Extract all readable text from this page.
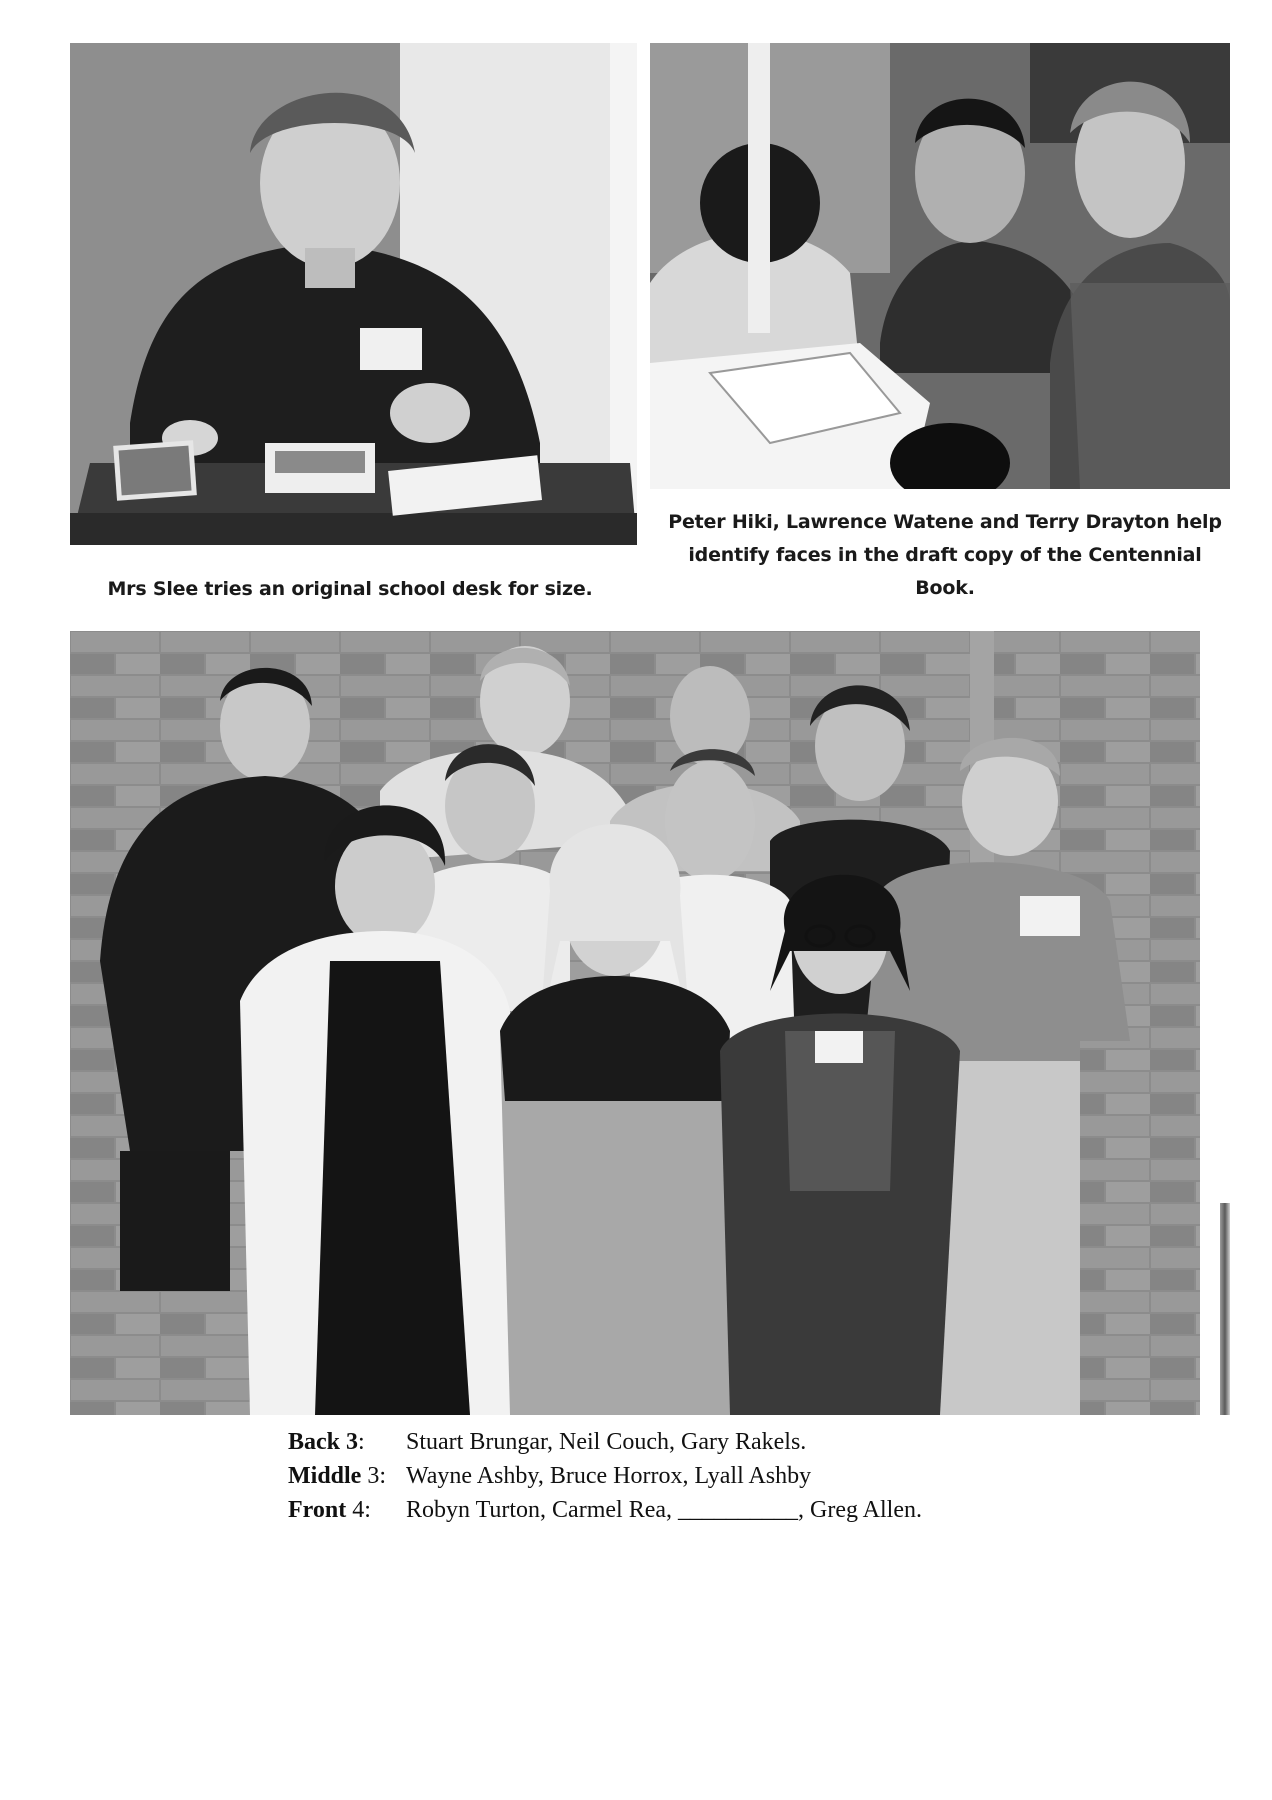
Mrs Slee tries an original school desk for size.
Peter Hiki, Lawrence Watene and Terry Drayton help identify faces in the draft copy of the Centennial Book.
Back 3:	Stuart Brungar, Neil Couch, Gary Rakels.
Middle 3: Wayne Ashby, Bruce Horrox, Lyall Ashby
Front 4:	Robyn Turton, Carmel Rea, __________, Greg Allen.
